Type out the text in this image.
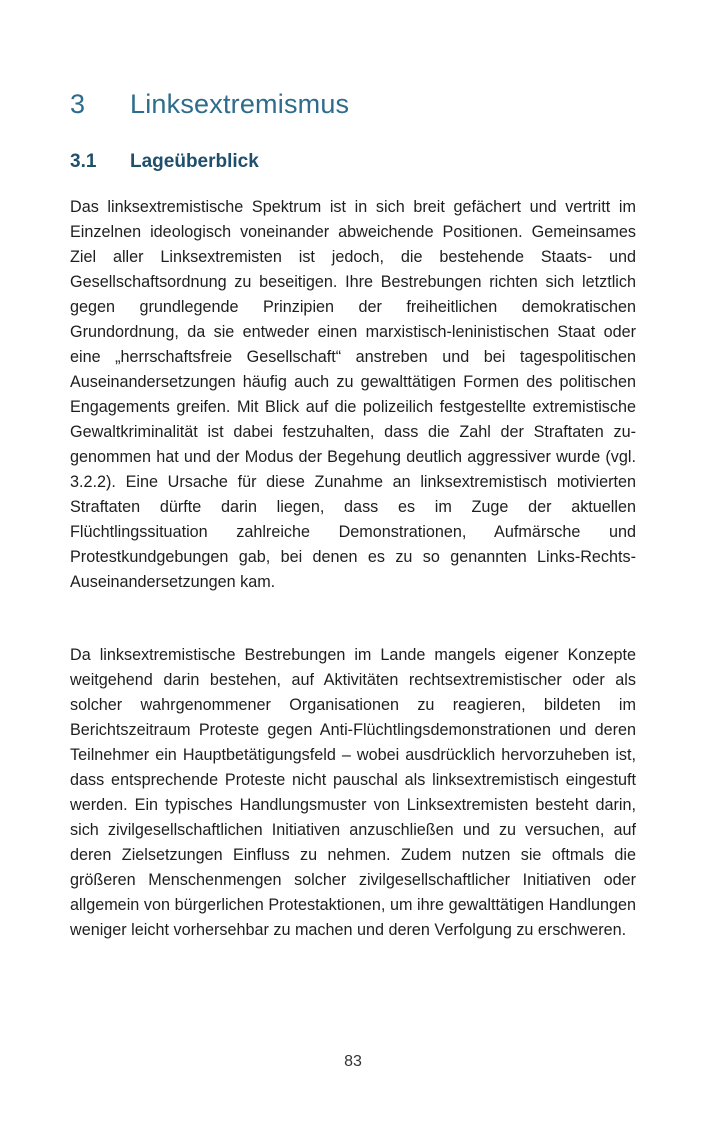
3 Linksextremismus
3.1 Lageüberblick

Das linksextremistische Spektrum ist in sich breit gefächert und vertritt im Einzelnen ideologisch voneinander abweichende Positionen. Gemeinsames Ziel aller Linksextremisten ist jedoch, die bestehende Staats- und Gesellschaftsordnung zu beseitigen. Ihre Bestrebungen richten sich letztlich gegen grundlegende Prinzipien der freiheitlichen demokratischen Grundordnung, da sie entweder einen marxistisch-leninistischen Staat oder eine „herrschaftsfreie Gesellschaft“ anstreben und bei tagespolitischen Auseinandersetzungen häufig auch zu gewalttätigen Formen des politischen Engagements greifen. Mit Blick auf die polizeilich festgestellte extremistische Gewaltkriminalität ist dabei festzuhalten, dass die Zahl der Straftaten zugenommen hat und der Modus der Begehung deutlich aggressiver wurde (vgl. 3.2.2). Eine Ursache für diese Zunahme an linksextremistisch motivierten Straftaten dürfte darin liegen, dass es im Zuge der aktuellen Flüchtlingssituation zahlreiche Demonstrationen, Aufmärsche und Protestkundgebungen gab, bei denen es zu so genannten Links-Rechts-Auseinandersetzungen kam.

Da linksextremistische Bestrebungen im Lande mangels eigener Konzepte weitgehend darin bestehen, auf Aktivitäten rechtsextremistischer oder als solcher wahrgenommener Organisationen zu reagieren, bildeten im Berichtszeitraum Proteste gegen Anti-Flüchtlingsdemonstrationen und deren Teilnehmer ein Hauptbetätigungsfeld – wobei ausdrücklich hervorzuheben ist, dass entsprechende Proteste nicht pauschal als linksextremistisch eingestuft werden. Ein typisches Handlungsmuster von Linksextremisten besteht darin, sich zivilgesellschaftlichen Initiativen anzuschließen und zu versuchen, auf deren Zielsetzungen Einfluss zu nehmen. Zudem nutzen sie oftmals die größeren Menschenmengen solcher zivilgesellschaftlicher Initiativen oder allgemein von bürgerlichen Protestaktionen, um ihre gewalttätigen Handlungen weniger leicht vorhersehbar zu machen und deren Verfolgung zu erschweren.

83
